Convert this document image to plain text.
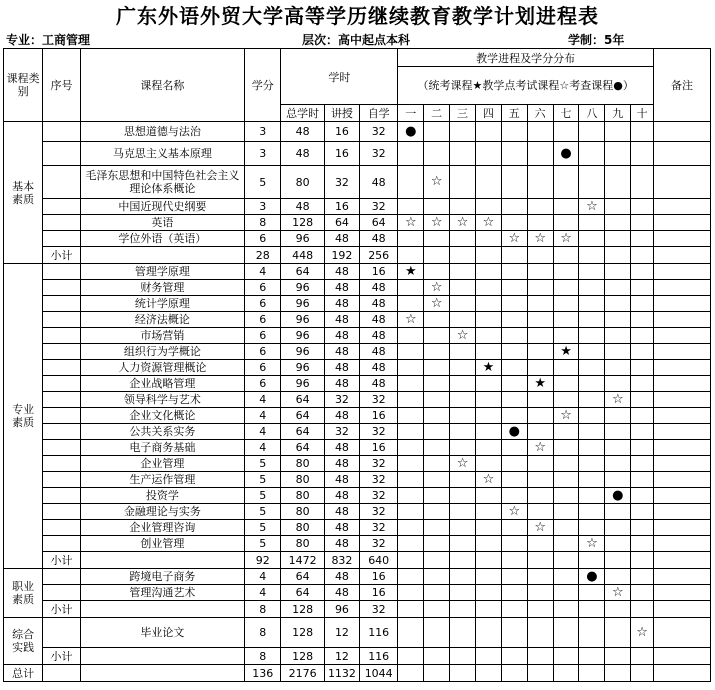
广东外语外贸大学高等学历继续教育教学计划进程表
专业：工商管理	层次：高中起点本科	学制：5年
课程类别	序号	课程名称	学分	学时			教学进程及学分分布										备注
							（统考课程★教学点考试课程☆考查课程●）										
				总学时	讲授	自学	一	二	三	四	五	六	七	八	九	十	
基本素质		思想道德与法治	3	48	16	32	●										
		马克思主义基本原理	3	48	16	32							●				
		毛泽东思想和中国特色社会主义理论体系概论	5	80	32	48		☆									
		中国近现代史纲要	3	48	16	32								☆			
		英语	8	128	64	64	☆	☆	☆	☆							
		学位外语（英语）	6	96	48	48					☆	☆	☆				
	小计		28	448	192	256											
专业素质		管理学原理	4	64	48	16	★										
		财务管理	6	96	48	48		☆									
		统计学原理	6	96	48	48		☆									
		经济法概论	6	96	48	48	☆										
		市场营销	6	96	48	48			☆								
		组织行为学概论	6	96	48	48							★				
		人力资源管理概论	6	96	48	48				★							
		企业战略管理	6	96	48	48						★					
		领导科学与艺术	4	64	32	32									☆		
		企业文化概论	4	64	48	16							☆				
		公共关系实务	4	64	32	32					●						
		电子商务基础	4	64	48	16						☆					
		企业管理	5	80	48	32			☆								
		生产运作管理	5	80	48	32				☆							
		投资学	5	80	48	32									●		
		金融理论与实务	5	80	48	32					☆						
		企业管理咨询	5	80	48	32						☆					
		创业管理	5	80	48	32								☆			
	小计		92	1472	832	640											
职业素质		跨境电子商务	4	64	48	16								●			
		管理沟通艺术	4	64	48	16									☆		
	小计		8	128	96	32											
综合实践		毕业论文	8	128	12	116										☆	
	小计		8	128	12	116											
总计			136	2176	1132	1044											
